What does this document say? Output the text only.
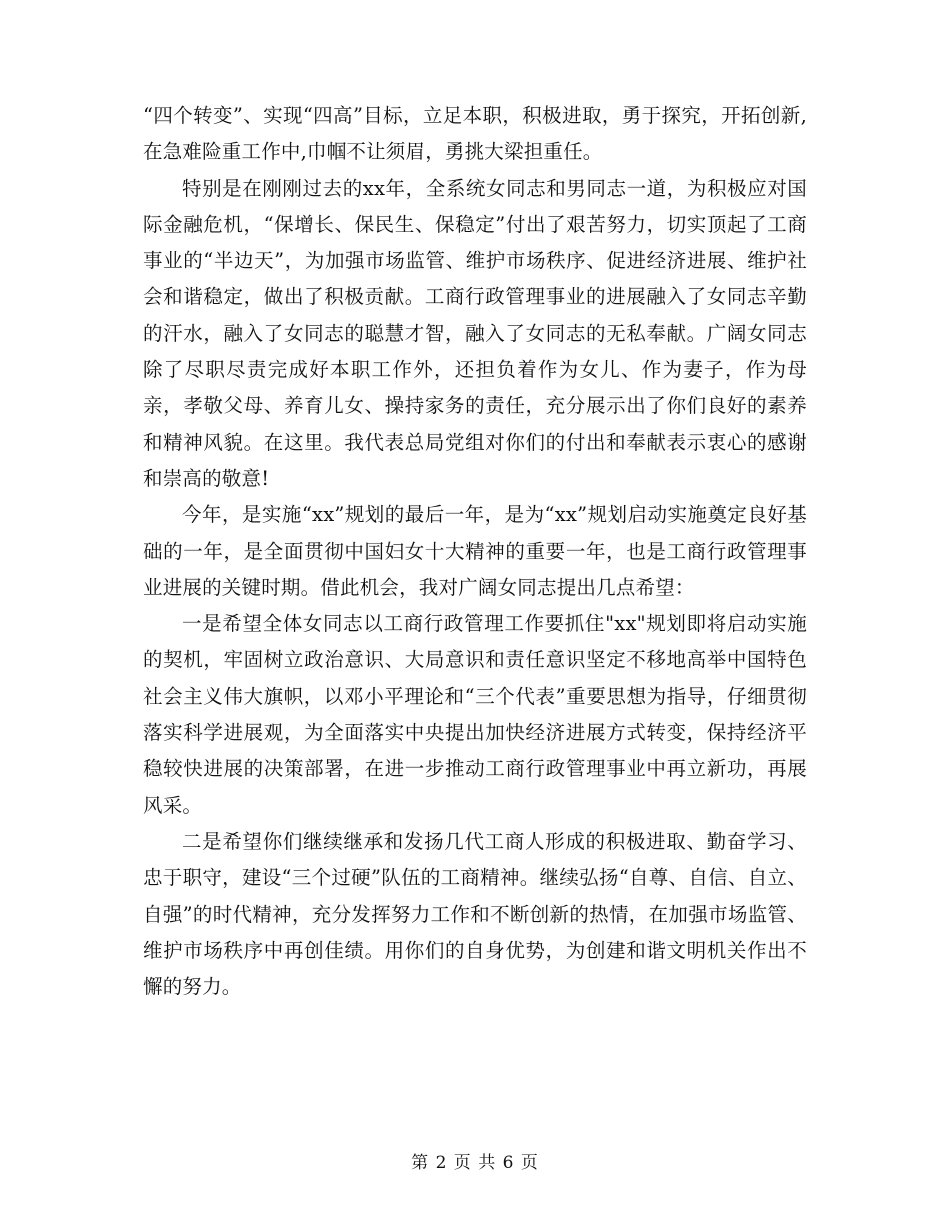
“四个转变”、实现“四高”目标，立足本职，积极进取，勇于探究，开拓创新,在急难险重工作中,巾帼不让须眉，勇挑大梁担重任。

特别是在刚刚过去的xx年，全系统女同志和男同志一道，为积极应对国际金融危机，“保增长、保民生、保稳定”付出了艰苦努力，切实顶起了工商事业的“半边天”，为加强市场监管、维护市场秩序、促进经济进展、维护社会和谐稳定，做出了积极贡献。工商行政管理事业的进展融入了女同志辛勤的汗水，融入了女同志的聪慧才智，融入了女同志的无私奉献。广阔女同志除了尽职尽责完成好本职工作外，还担负着作为女儿、作为妻子，作为母亲，孝敬父母、养育儿女、操持家务的责任，充分展示出了你们良好的素养和精神风貌。在这里。我代表总局党组对你们的付出和奉献表示衷心的感谢和崇高的敬意!

今年，是实施“xx”规划的最后一年，是为“xx”规划启动实施奠定良好基础的一年，是全面贯彻中国妇女十大精神的重要一年，也是工商行政管理事业进展的关键时期。借此机会，我对广阔女同志提出几点希望：

一是希望全体女同志以工商行政管理工作要抓住"xx"规划即将启动实施的契机，牢固树立政治意识、大局意识和责任意识坚定不移地高举中国特色社会主义伟大旗帜，以邓小平理论和“三个代表”重要思想为指导，仔细贯彻落实科学进展观，为全面落实中央提出加快经济进展方式转变，保持经济平稳较快进展的决策部署，在进一步推动工商行政管理事业中再立新功，再展风采。

二是希望你们继续继承和发扬几代工商人形成的积极进取、勤奋学习、忠于职守，建设“三个过硬”队伍的工商精神。继续弘扬“自尊、自信、自立、自强”的时代精神，充分发挥努力工作和不断创新的热情，在加强市场监管、维护市场秩序中再创佳绩。用你们的自身优势，为创建和谐文明机关作出不懈的努力。

第 2 页 共 6 页
